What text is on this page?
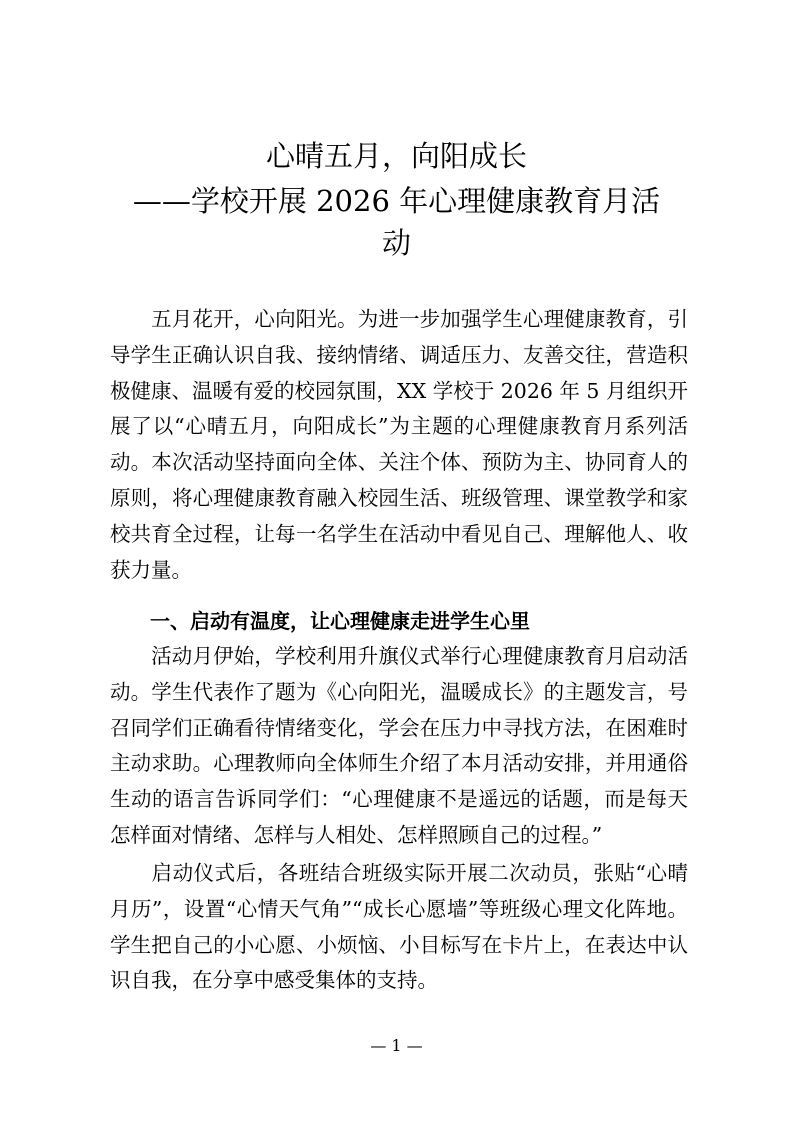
心晴五月，向阳成长
——学校开展 2026 年心理健康教育月活
动
五月花开，心向阳光。为进一步加强学生心理健康教育，引导学生正确认识自我、接纳情绪、调适压力、友善交往，营造积极健康、温暖有爱的校园氛围，XX 学校于 2026 年 5 月组织开展了以“心晴五月，向阳成长”为主题的心理健康教育月系列活动。本次活动坚持面向全体、关注个体、预防为主、协同育人的原则，将心理健康教育融入校园生活、班级管理、课堂教学和家校共育全过程，让每一名学生在活动中看见自己、理解他人、收获力量。
一、启动有温度，让心理健康走进学生心里
活动月伊始，学校利用升旗仪式举行心理健康教育月启动活动。学生代表作了题为《心向阳光，温暖成长》的主题发言，号召同学们正确看待情绪变化，学会在压力中寻找方法，在困难时主动求助。心理教师向全体师生介绍了本月活动安排，并用通俗生动的语言告诉同学们：“心理健康不是遥远的话题，而是每天怎样面对情绪、怎样与人相处、怎样照顾自己的过程。”
启动仪式后，各班结合班级实际开展二次动员，张贴“心晴月历”，设置“心情天气角”“成长心愿墙”等班级心理文化阵地。学生把自己的小心愿、小烦恼、小目标写在卡片上，在表达中认识自我，在分享中感受集体的支持。
— 1 —
